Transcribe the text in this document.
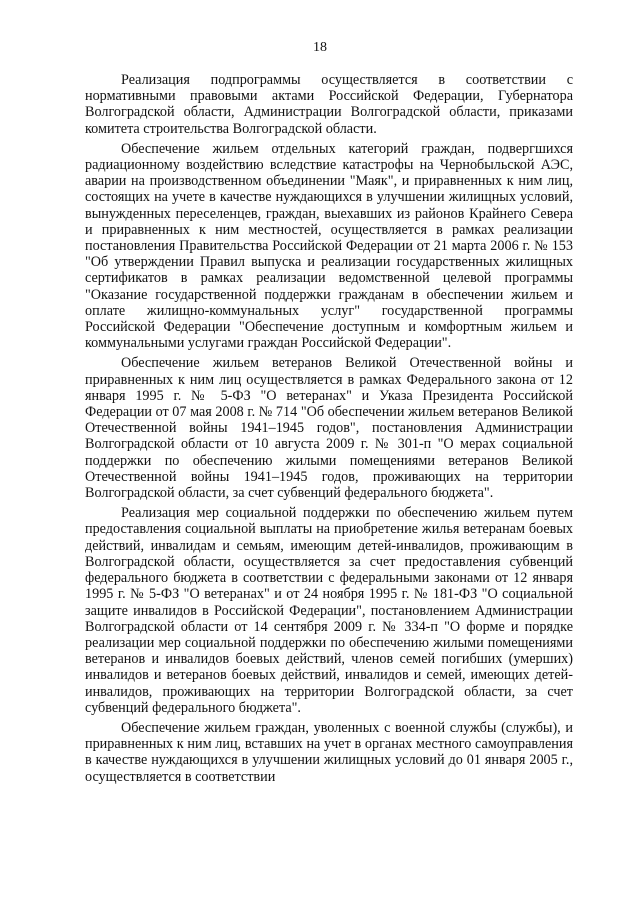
18

Реализация подпрограммы осуществляется в соответствии с нормативными правовыми актами Российской Федерации, Губернатора Волгоградской области, Администрации Волгоградской области, приказами комитета строительства Волгоградской области.

Обеспечение жильем отдельных категорий граждан, подвергшихся радиационному воздействию вследствие катастрофы на Чернобыльской АЭС, аварии на производственном объединении "Маяк", и приравненных к ним лиц, состоящих на учете в качестве нуждающихся в улучшении жилищных условий, вынужденных переселенцев, граждан, выехавших из районов Крайнего Севера и приравненных к ним местностей, осуществляется в рамках реализации постановления Правительства Российской Федерации от 21 марта 2006 г. № 153 "Об утверждении Правил выпуска и реализации государственных жилищных сертификатов в рамках реализации ведомственной целевой программы "Оказание государственной поддержки гражданам в обеспечении жильем и оплате жилищно-коммунальных услуг" государственной программы Российской Федерации "Обеспечение доступным и комфортным жильем и коммунальными услугами граждан Российской Федерации".

Обеспечение жильем ветеранов Великой Отечественной войны и приравненных к ним лиц осуществляется в рамках Федерального закона от 12 января 1995 г. № 5-ФЗ "О ветеранах" и Указа Президента Российской Федерации от 07 мая 2008 г. № 714 "Об обеспечении жильем ветеранов Великой Отечественной войны 1941–1945 годов", постановления Администрации Волгоградской области от 10 августа 2009 г. № 301-п "О мерах социальной поддержки по обеспечению жилыми помещениями ветеранов Великой Отечественной войны 1941–1945 годов, проживающих на территории Волгоградской области, за счет субвенций федерального бюджета".

Реализация мер социальной поддержки по обеспечению жильем путем предоставления социальной выплаты на приобретение жилья ветеранам боевых действий, инвалидам и семьям, имеющим детей-инвалидов, проживающим в Волгоградской области, осуществляется за счет предоставления субвенций федерального бюджета в соответствии с федеральными законами от 12 января 1995 г. № 5-ФЗ "О ветеранах" и от 24 ноября 1995 г. № 181-ФЗ "О социальной защите инвалидов в Российской Федерации", постановлением Администрации Волгоградской области от 14 сентября 2009 г. № 334-п "О форме и порядке реализации мер социальной поддержки по обеспечению жилыми помещениями ветеранов и инвалидов боевых действий, членов семей погибших (умерших) инвалидов и ветеранов боевых действий, инвалидов и семей, имеющих детей-инвалидов, проживающих на территории Волгоградской области, за счет субвенций федерального бюджета".

Обеспечение жильем граждан, уволенных с военной службы (службы), и приравненных к ним лиц, вставших на учет в органах местного самоуправления в качестве нуждающихся в улучшении жилищных условий до 01 января 2005 г., осуществляется в соответствии
